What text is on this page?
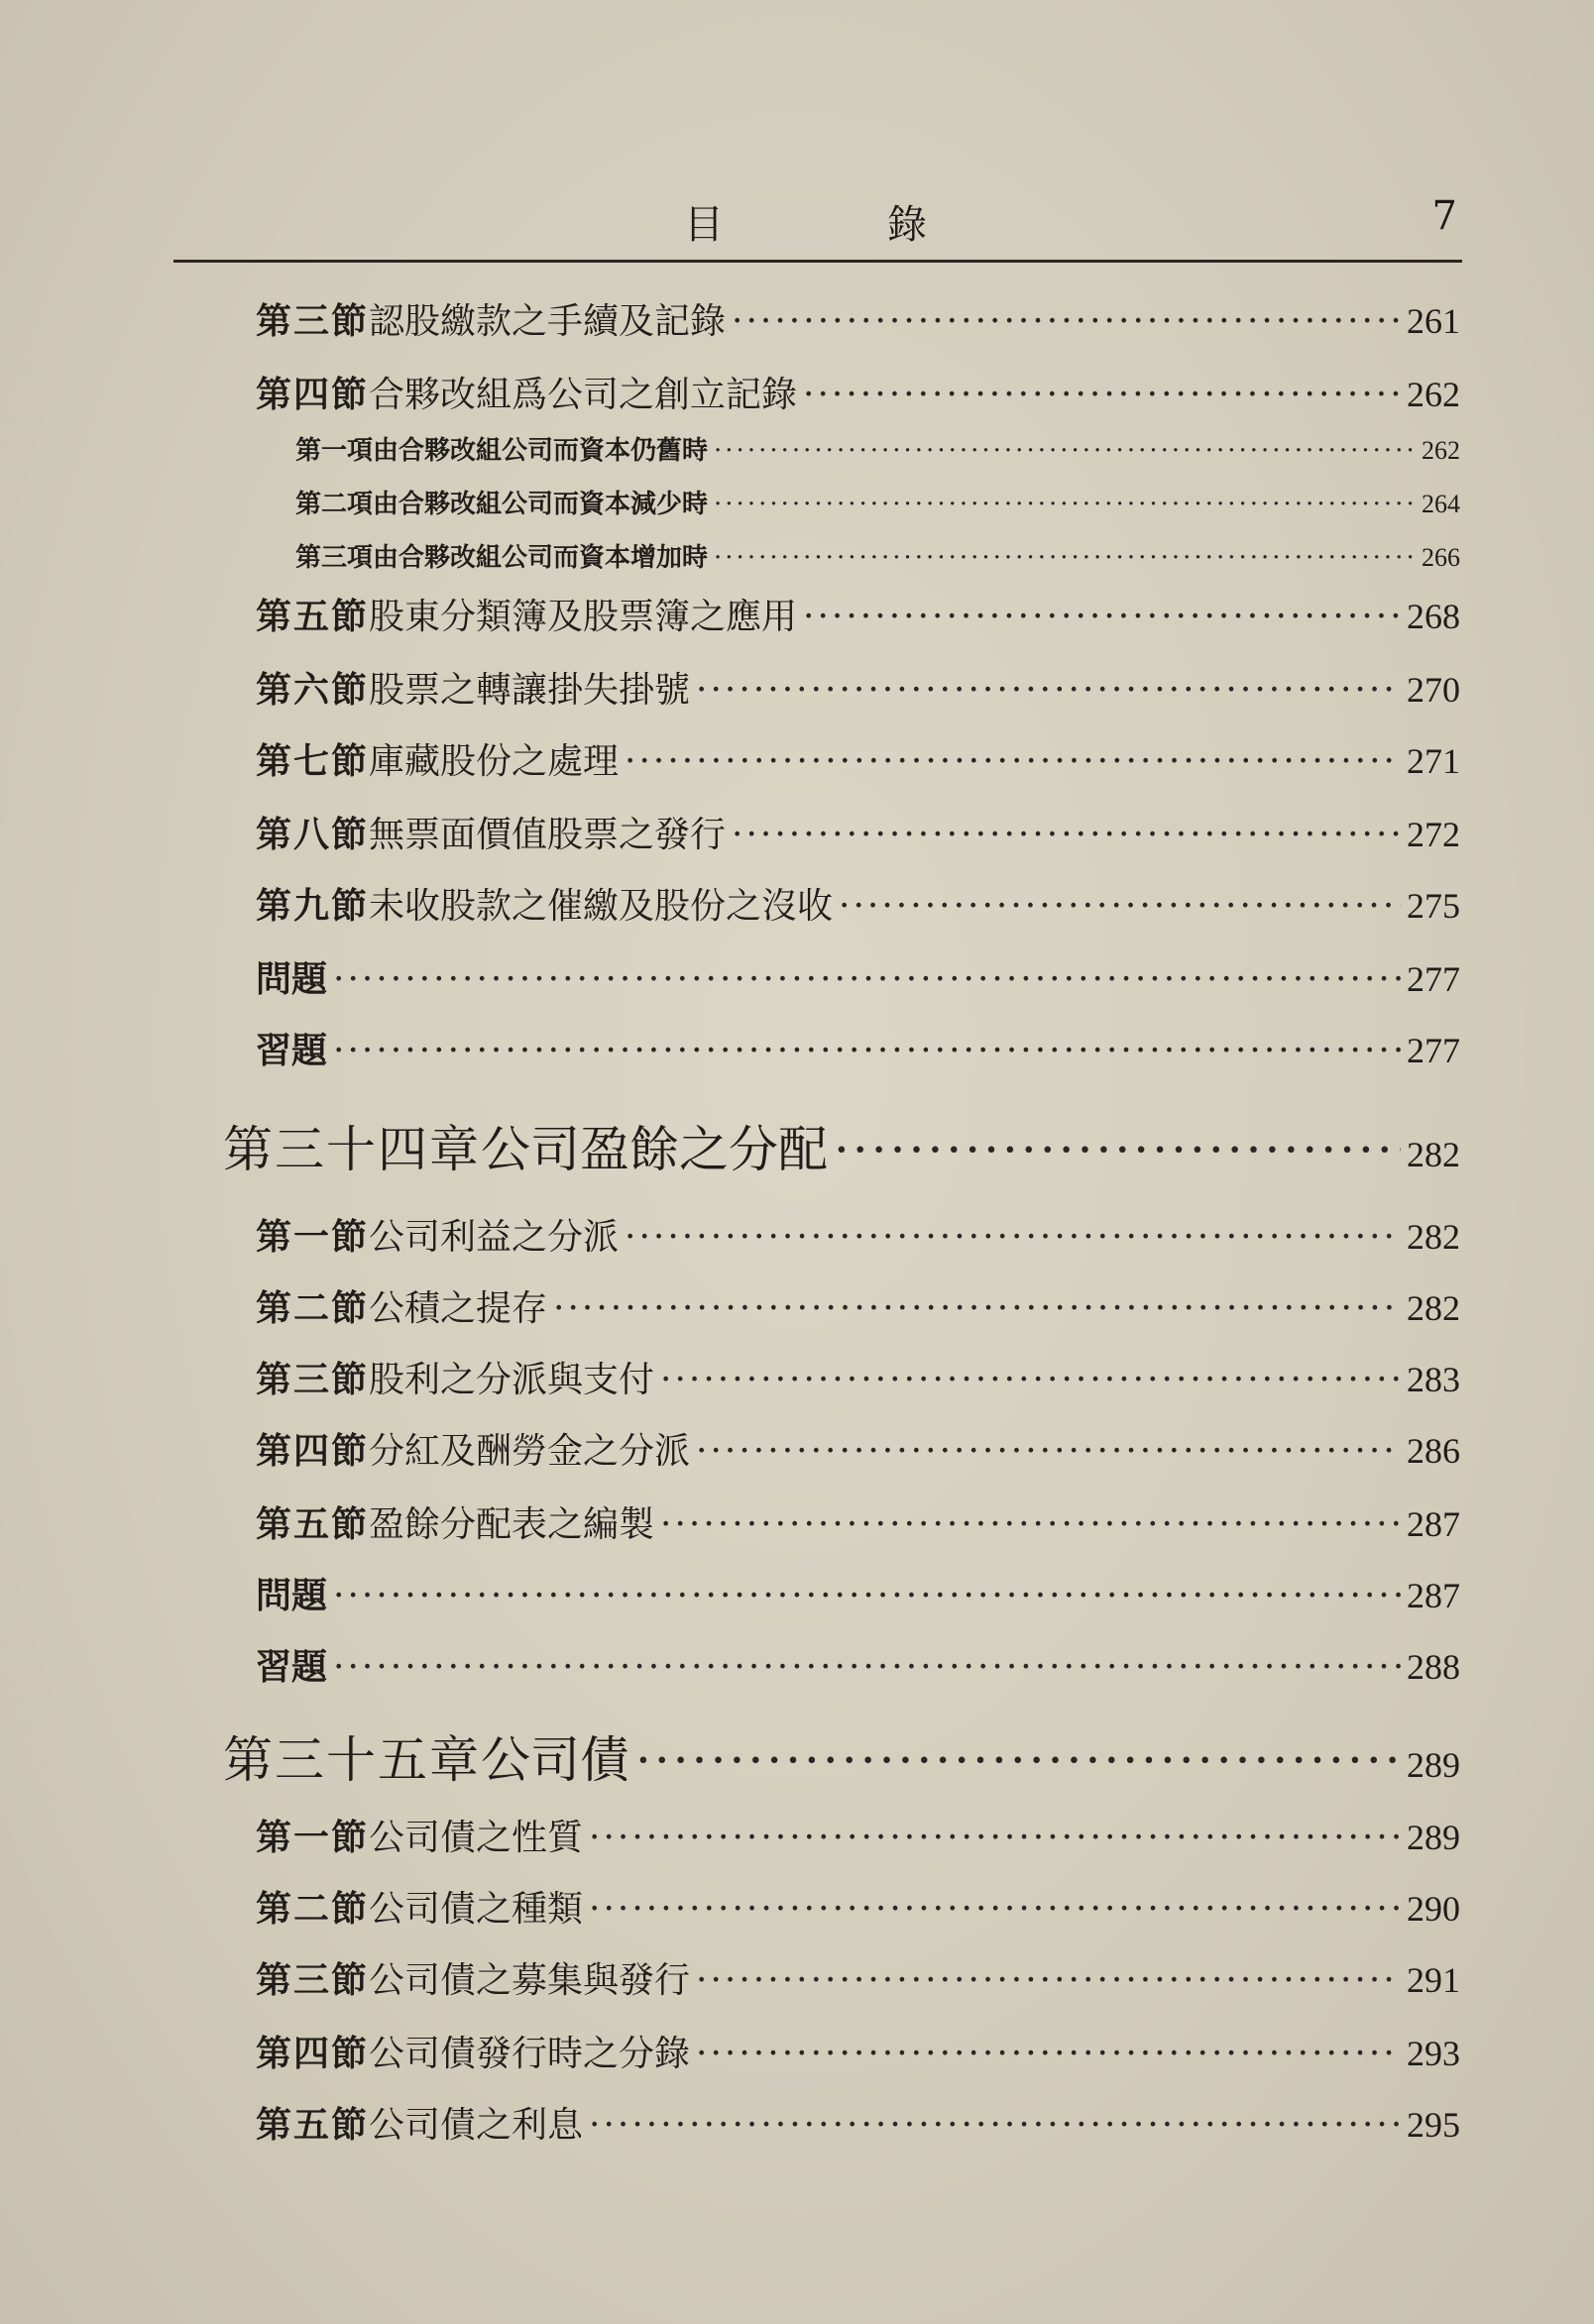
目錄	7
第三節 認股繳款之手續及記錄 ·····	261
第四節 合夥改組爲公司之創立記錄 ·····	262
第一項 由合夥改組公司而資本仍舊時 ·····	262
第二項 由合夥改組公司而資本減少時 ·····	264
第三項 由合夥改組公司而資本增加時 ·····	266
第五節 股東分類簿及股票簿之應用 ·····	268
第六節 股票之轉讓掛失掛號 ·····	270
第七節 庫藏股份之處理 ·····	271
第八節 無票面價值股票之發行 ·····	272
第九節 未收股款之催繳及股份之沒收 ·····	275
問題 ·····	277
習題 ·····	277
第三十四章 公司盈餘之分配 ·····	282
第一節 公司利益之分派 ·····	282
第二節 公積之提存 ·····	282
第三節 股利之分派與支付 ·····	283
第四節 分紅及酬勞金之分派 ·····	286
第五節 盈餘分配表之編製 ·····	287
問題 ·····	287
習題 ·····	288
第三十五章 公司債 ·····	289
第一節 公司債之性質 ·····	289
第二節 公司債之種類 ·····	290
第三節 公司債之募集與發行 ·····	291
第四節 公司債發行時之分錄 ·····	293
第五節 公司債之利息 ·····	295
